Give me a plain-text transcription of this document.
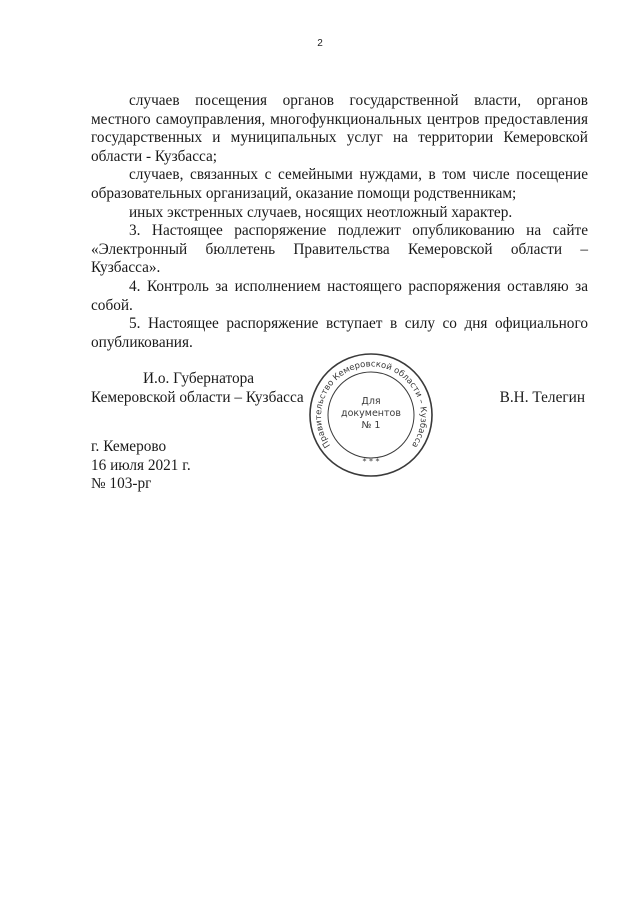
2

случаев посещения органов государственной власти, органов местного самоуправления, многофункциональных центров предоставления государственных и муниципальных услуг на территории Кемеровской области - Кузбасса;

случаев, связанных с семейными нуждами, в том числе посещение образовательных организаций, оказание помощи родственникам;

иных экстренных случаев, носящих неотложный характер.

3. Настоящее распоряжение подлежит опубликованию на сайте «Электронный бюллетень Правительства Кемеровской области – Кузбасса».

4. Контроль за исполнением настоящего распоряжения оставляю за собой.

5. Настоящее распоряжение вступает в силу со дня официального опубликования.

И.о. Губернатора
Кемеровской области – Кузбасса	В.Н. Телегин
Правительство Кемеровской области – Кузбасса
Для
документов
№ 1
* * *
г. Кемерово
16 июля 2021 г.
№ 103-рг
